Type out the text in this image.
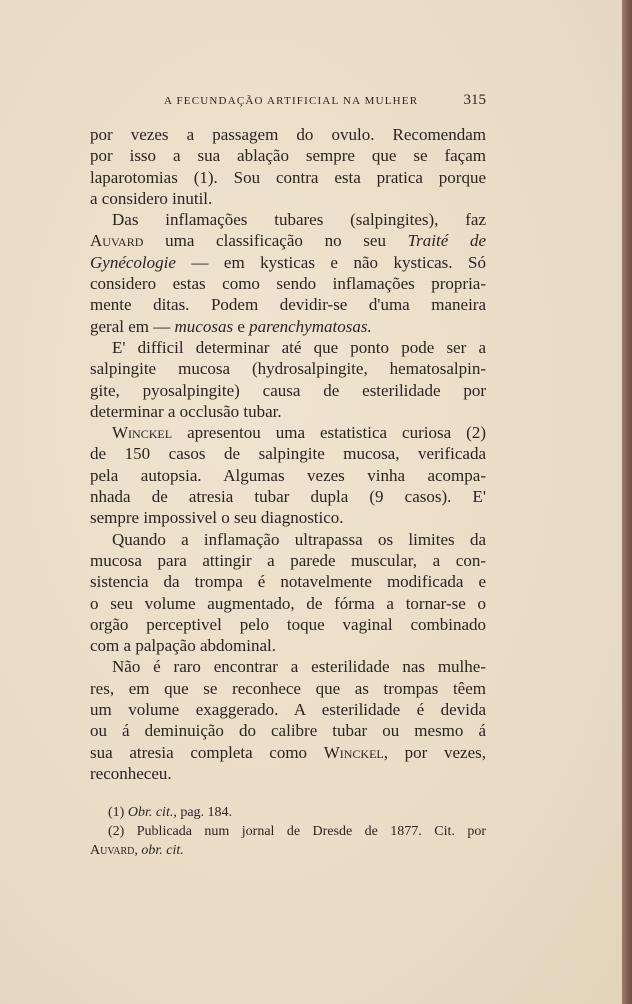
A FECUNDAÇÃO ARTIFICIAL NA MULHER	315
por vezes a passagem do ovulo. Recomendam
por isso a sua ablação sempre que se façam
laparotomias (1). Sou contra esta pratica porque
a considero inutil.
Das inflamações tubares (salpingites), faz
Auvard uma classificação no seu Traité de
Gynécologie — em kysticas e não kysticas. Só
considero estas como sendo inflamações propria-
mente ditas. Podem devidir-se d'uma maneira
geral em — mucosas e parenchymatosas.
E' difficil determinar até que ponto pode ser a
salpingite mucosa (hydrosalpingite, hematosalpin-
gite, pyosalpingite) causa de esterilidade por
determinar a occlusão tubar.
Winckel apresentou uma estatistica curiosa (2)
de 150 casos de salpingite mucosa, verificada
pela autopsia. Algumas vezes vinha acompa-
nhada de atresia tubar dupla (9 casos). E'
sempre impossivel o seu diagnostico.
Quando a inflamação ultrapassa os limites da
mucosa para attingir a parede muscular, a con-
sistencia da trompa é notavelmente modificada e
o seu volume augmentado, de fórma a tornar-se o
orgão perceptivel pelo toque vaginal combinado
com a palpação abdominal.
Não é raro encontrar a esterilidade nas mulhe-
res, em que se reconhece que as trompas têem
um volume exaggerado. A esterilidade é devida
ou á deminuição do calibre tubar ou mesmo á
sua atresia completa como Winckel, por vezes,
reconheceu.
(1) Obr. cit., pag. 184.
(2) Publicada num jornal de Dresde de 1877. Cit. por
Auvard, obr. cit.
